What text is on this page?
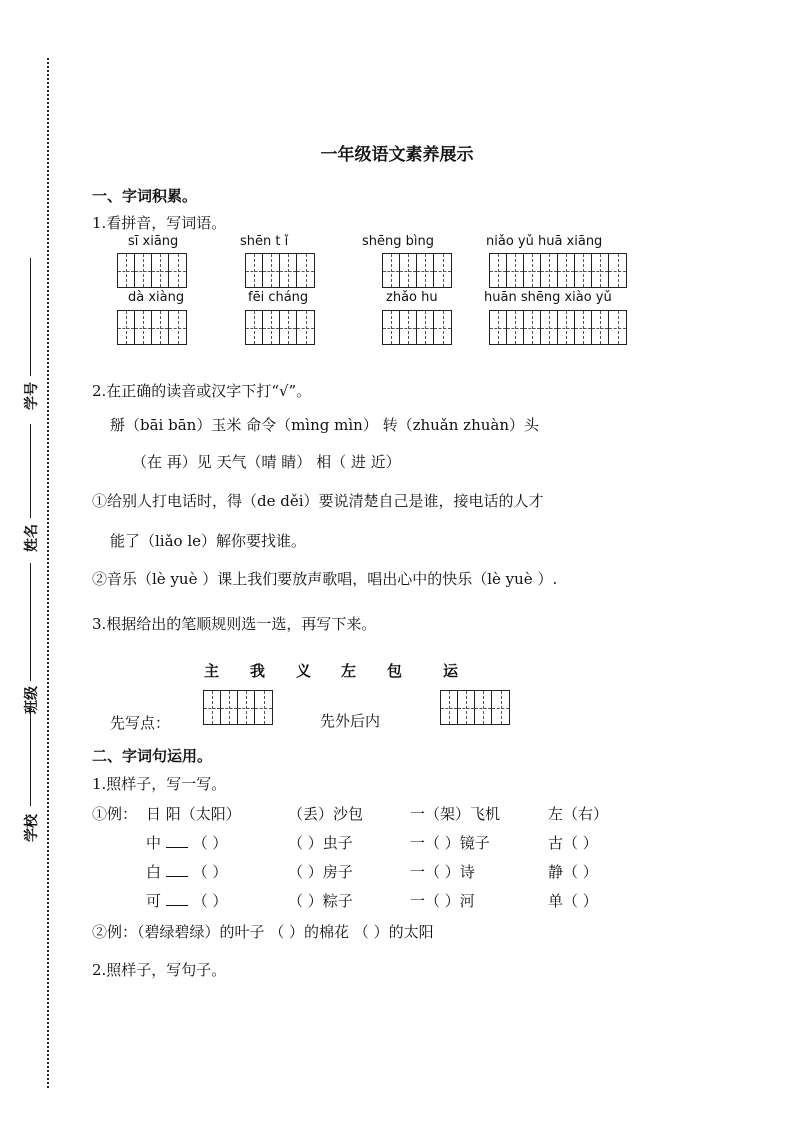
学号
姓名
班级
学校
一年级语文素养展示
一、字词积累。
1.看拼音，写词语。
sī xiāng	shēn t ǐ	shēng bìng	niǎo yǔ huā xiāng
dà xiàng	fēi cháng	zhǎo hu	huān shēng xiào yǔ
2.在正确的读音或汉字下打“√”。
掰（bāi bān）玉米 命令（mìng mìn） 转（zhuǎn zhuàn）头
（在 再）见 天气（晴 睛） 相（ 进 近）
①给别人打电话时，得（de děi）要说清楚自己是谁，接电话的人才
能了（liǎo le）解你要找谁。
②音乐（lè yuè ）课上我们要放声歌唱，唱出心中的快乐（lè yuè ）.
3.根据给出的笔顺规则选一选，再写下来。
主 我 义 左 包	运
先写点：	先外后内
二、字词句运用。
1.照样子，写一写。
①例： 日 阳（太阳）	（丢）沙包	一（架）飞机	左（右）
中 （ ）	（ ）虫子	一（ ）镜子	古（ ）
白 （ ）	（ ）房子	一（ ）诗	静（ ）
可 （ ）	（ ）粽子	一（ ）河	单（ ）
②例：（碧绿碧绿）的叶子 （ ）的棉花 （ ）的太阳
2.照样子，写句子。
